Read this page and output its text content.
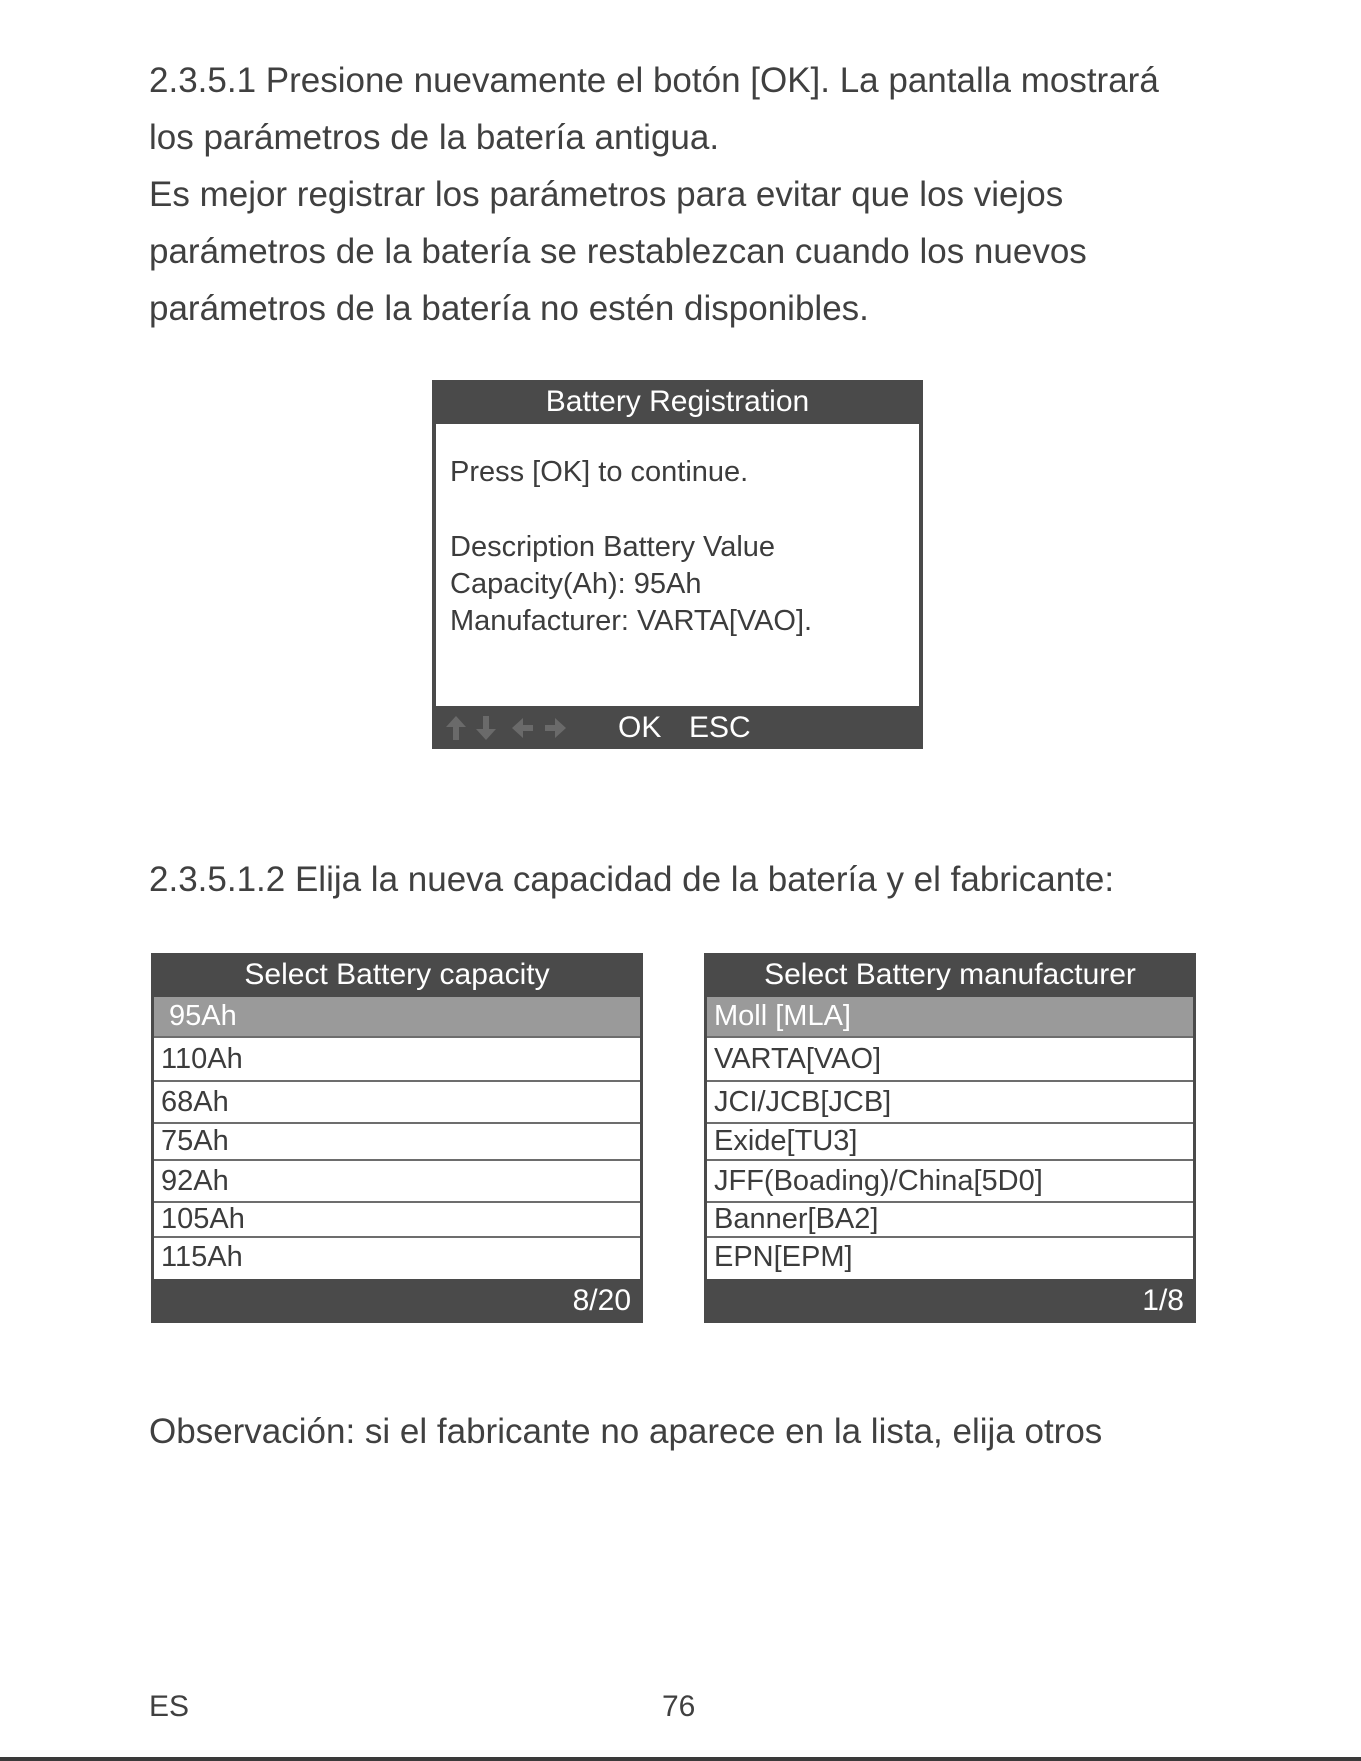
2.3.5.1 Presione nuevamente el botón [OK]. La pantalla mostrará
los parámetros de la batería antigua.
Es mejor registrar los parámetros para evitar que los viejos
parámetros de la batería se restablezcan cuando los nuevos
parámetros de la batería no estén disponibles.
Battery Registration
Press [OK] to continue.
Description Battery Value
Capacity(Ah): 95Ah
Manufacturer: VARTA[VAO].
OK ESC
2.3.5.1.2 Elija la nueva capacidad de la batería y el fabricante:
Select Battery capacity
95Ah
110Ah
68Ah
75Ah
92Ah
105Ah
115Ah
8/20
Select Battery manufacturer
Moll [MLA]
VARTA[VAO]
JCI/JCB[JCB]
Exide[TU3]
JFF(Boading)/China[5D0]
Banner[BA2]
EPN[EPM]
1/8
Observación: si el fabricante no aparece en la lista, elija otros
ES	76
